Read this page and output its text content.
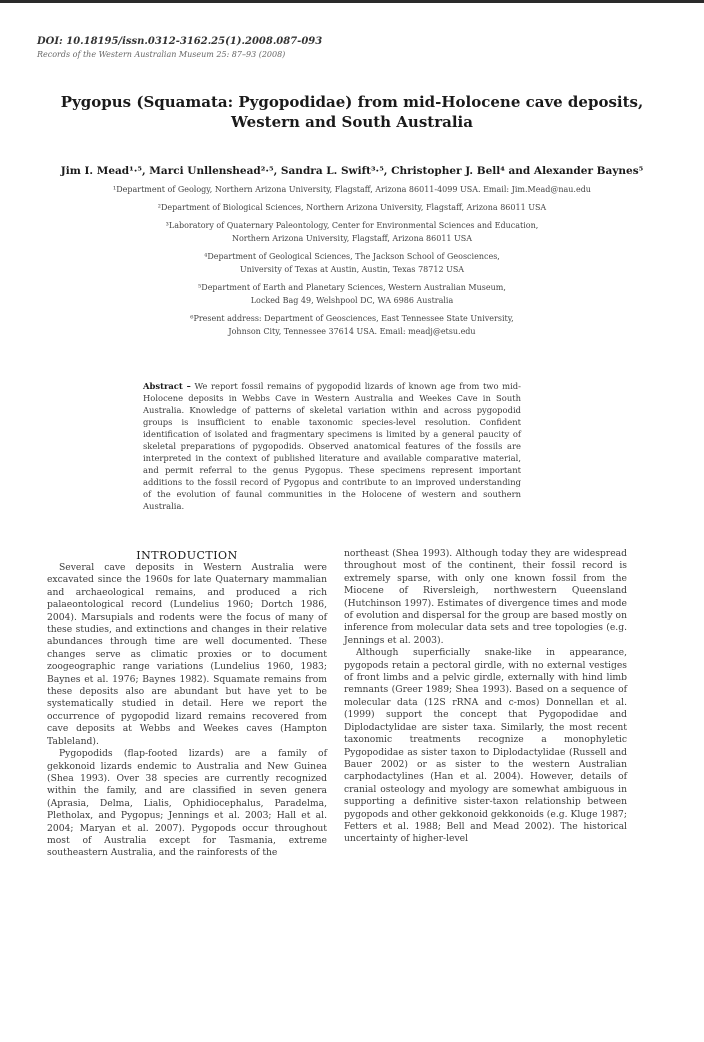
DOI: 10.18195/issn.0312-3162.25(1).2008.087-093
Records of the Western Australian Museum 25: 87–93 (2008)
Pygopus (Squamata: Pygopodidae) from mid-Holocene cave deposits,
Western and South Australia
Jim I. Mead¹·⁵, Marci Unllenshead²·⁵, Sandra L. Swift³·⁵, Christopher J. Bell⁴ and Alexander Baynes⁵
¹Department of Geology, Northern Arizona University, Flagstaff, Arizona 86011-4099 USA. Email: Jim.Mead@nau.edu
²Department of Biological Sciences, Northern Arizona University, Flagstaff, Arizona 86011 USA
³Laboratory of Quaternary Paleontology, Center for Environmental Sciences and Education,
Northern Arizona University, Flagstaff, Arizona 86011 USA
⁴Department of Geological Sciences, The Jackson School of Geosciences,
University of Texas at Austin, Austin, Texas 78712 USA
⁵Department of Earth and Planetary Sciences, Western Australian Museum,
Locked Bag 49, Welshpool DC, WA 6986 Australia
⁶Present address: Department of Geosciences, East Tennessee State University,
Johnson City, Tennessee 37614 USA. Email: meadj@etsu.edu
Abstract – We report fossil remains of pygopodid lizards of known age from two mid-Holocene deposits in Webbs Cave in Western Australia and Weekes Cave in South Australia. Knowledge of patterns of skeletal variation within and across pygopodid groups is insufficient to enable taxonomic species-level resolution. Confident identification of isolated and fragmentary specimens is limited by a general paucity of skeletal preparations of pygopodids. Observed anatomical features of the fossils are interpreted in the context of published literature and available comparative material, and permit referral to the genus Pygopus. These specimens represent important additions to the fossil record of Pygopus and contribute to an improved understanding of the evolution of faunal communities in the Holocene of western and southern Australia.
INTRODUCTION

Several cave deposits in Western Australia were excavated since the 1960s for late Quaternary mammalian and archaeological remains, and produced a rich palaeontological record (Lundelius 1960; Dortch 1986, 2004). Marsupials and rodents were the focus of many of these studies, and extinctions and changes in their relative abundances through time are well documented. These changes serve as climatic proxies or to document zoogeographic range variations (Lundelius 1960, 1983; Baynes et al. 1976; Baynes 1982). Squamate remains from these deposits also are abundant but have yet to be systematically studied in detail. Here we report the occurrence of pygopodid lizard remains recovered from cave deposits at Webbs and Weekes caves (Hampton Tableland).

Pygopodids (flap-footed lizards) are a family of gekkonoid lizards endemic to Australia and New Guinea (Shea 1993). Over 38 species are currently recognized within the family, and are classified in seven genera (Aprasia, Delma, Lialis, Ophidiocephalus, Paradelma, Pletholax, and Pygopus; Jennings et al. 2003; Hall et al. 2004; Maryan et al. 2007). Pygopods occur throughout most of Australia except for Tasmania, extreme southeastern Australia, and the rainforests of the

northeast (Shea 1993). Although today they are widespread throughout most of the continent, their fossil record is extremely sparse, with only one known fossil from the Miocene of Riversleigh, northwestern Queensland (Hutchinson 1997). Estimates of divergence times and mode of evolution and dispersal for the group are based mostly on inference from molecular data sets and tree topologies (e.g. Jennings et al. 2003).

Although superficially snake-like in appearance, pygopods retain a pectoral girdle, with no external vestiges of front limbs and a pelvic girdle, externally with hind limb remnants (Greer 1989; Shea 1993). Based on a sequence of molecular data (12S rRNA and c-mos) Donnellan et al. (1999) support the concept that Pygopodidae and Diplodactylidae are sister taxa. Similarly, the most recent taxonomic treatments recognize a monophyletic Pygopodidae as sister taxon to Diplodactylidae (Russell and Bauer 2002) or as sister to the western Australian carphodactylines (Han et al. 2004). However, details of cranial osteology and myology are somewhat ambiguous in supporting a definitive sister-taxon relationship between pygopods and other gekkonoid gekkonoids (e.g. Kluge 1987; Fetters et al. 1988; Bell and Mead 2002). The historical uncertainty of higher-level
